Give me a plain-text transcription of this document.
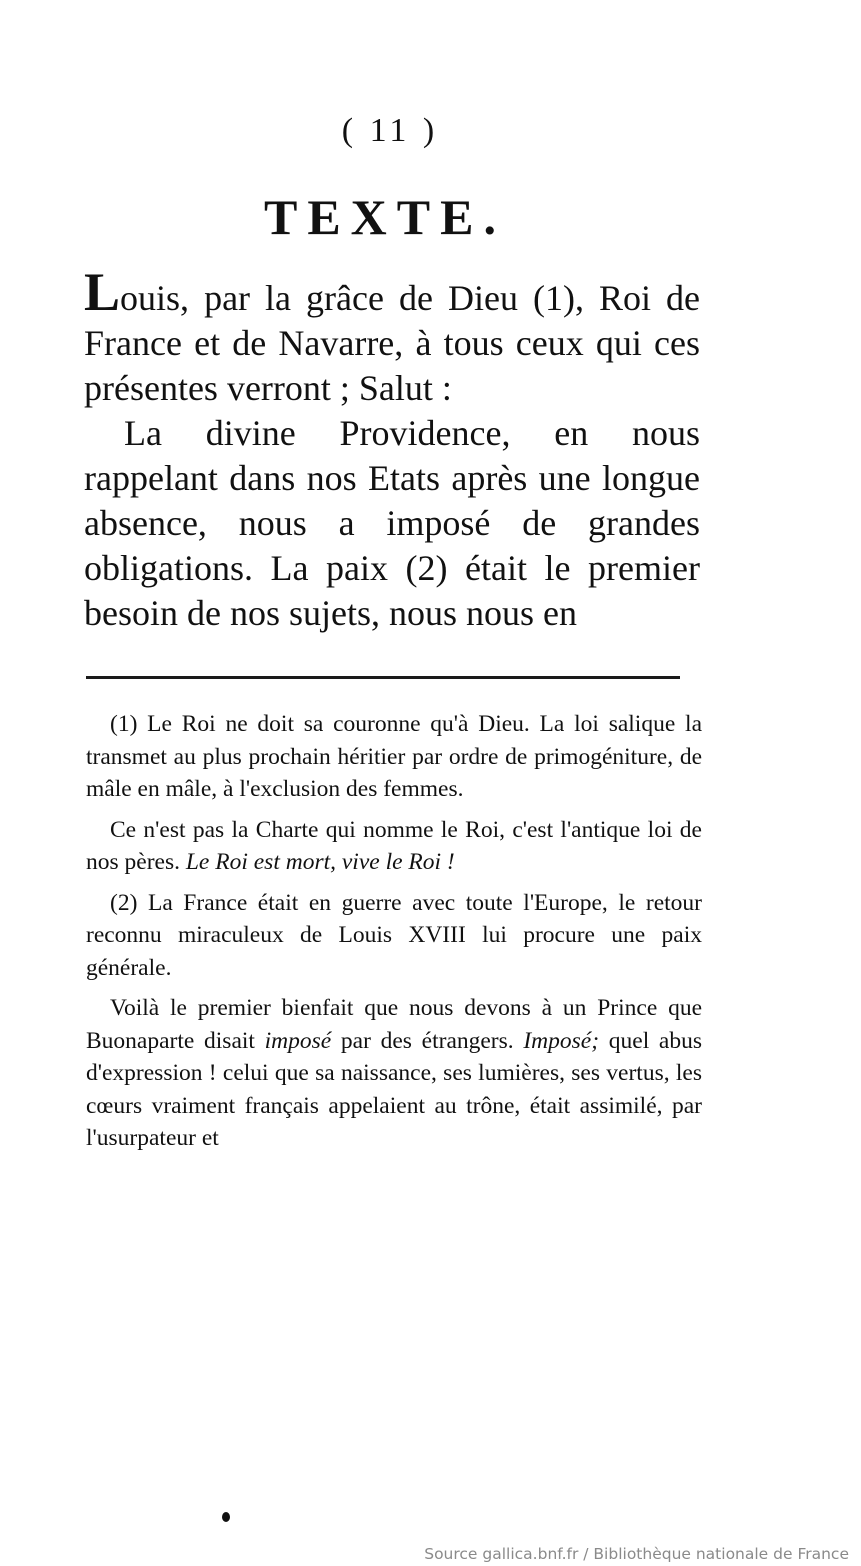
( 11 )
TEXTE.

Louis, par la grâce de Dieu (1), Roi de France et de Navarre, à tous ceux qui ces présentes verront ; Salut :

La divine Providence, en nous rappelant dans nos Etats après une longue absence, nous a imposé de grandes obligations. La paix (2) était le premier besoin de nos sujets, nous nous en

(1) Le Roi ne doit sa couronne qu'à Dieu. La loi salique la transmet au plus prochain héritier par ordre de primogéniture, de mâle en mâle, à l'exclusion des femmes.

Ce n'est pas la Charte qui nomme le Roi, c'est l'antique loi de nos pères. Le Roi est mort, vive le Roi !

(2) La France était en guerre avec toute l'Europe, le retour reconnu miraculeux de Louis XVIII lui procure une paix générale.

Voilà le premier bienfait que nous devons à un Prince que Buonaparte disait imposé par des étrangers. Imposé; quel abus d'expression ! celui que sa naissance, ses lumières, ses vertus, les cœurs vraiment français appelaient au trône, était assimilé, par l'usurpateur et

Source gallica.bnf.fr / Bibliothèque nationale de France
